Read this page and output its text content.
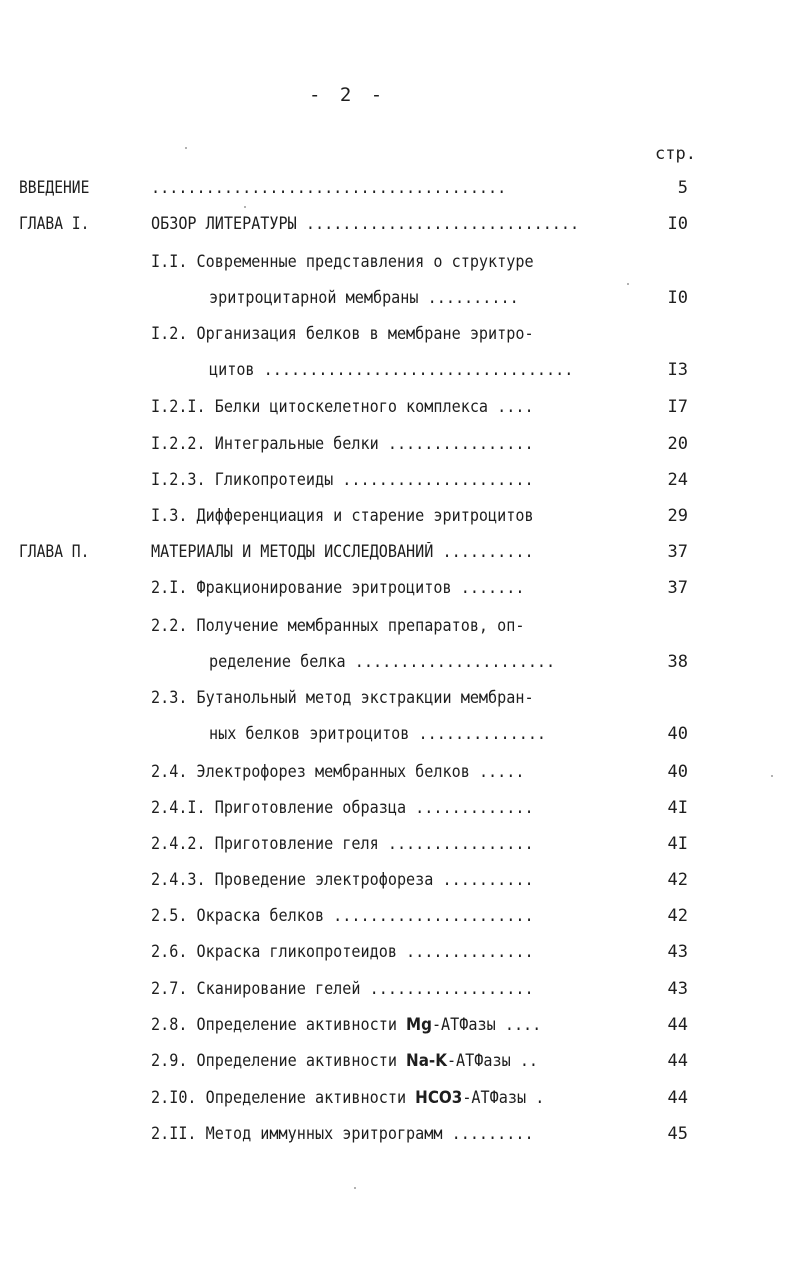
- 2 -
стр.
ВВЕДЕНИЕ	.......................................	5
ГЛАВА I.	ОБЗОР ЛИТЕРАТУРЫ ..............................	I0
I.I. Современные представления о структуре
эритроцитарной мембраны ..........	I0
I.2. Организация белков в мембране эритро-
цитов ..................................	I3
I.2.I. Белки цитоскелетного комплекса ....	I7
I.2.2. Интегральные белки ................	20
I.2.3. Гликопротеиды .....................	24
I.3. Дифференциация и старение эритроцитов	29
ГЛАВА П.	МАТЕРИАЛЫ И МЕТОДЫ ИССЛЕДОВАНИЙ ..........	37
2.I. Фракционирование эритроцитов .......	37
2.2. Получение мембранных препаратов, оп-
ределение белка ......................	38
2.3. Бутанольный метод экстракции мембран-
ных белков эритроцитов ..............	40
2.4. Электрофорез мембранных белков .....	40
2.4.I. Приготовление образца .............	4I
2.4.2. Приготовление геля ................	4I
2.4.3. Проведение электрофореза ..........	42
2.5. Окраска белков ......................	42
2.6. Окраска гликопротеидов ..............	43
2.7. Сканирование гелей ..................	43
2.8. Определение активности Mg-АТФазы ....	44
2.9. Определение активности Na-K-АТФазы ..	44
2.I0. Определение активности HCO3-АТФазы .	44
2.II. Метод иммунных эритрограмм .........	45
